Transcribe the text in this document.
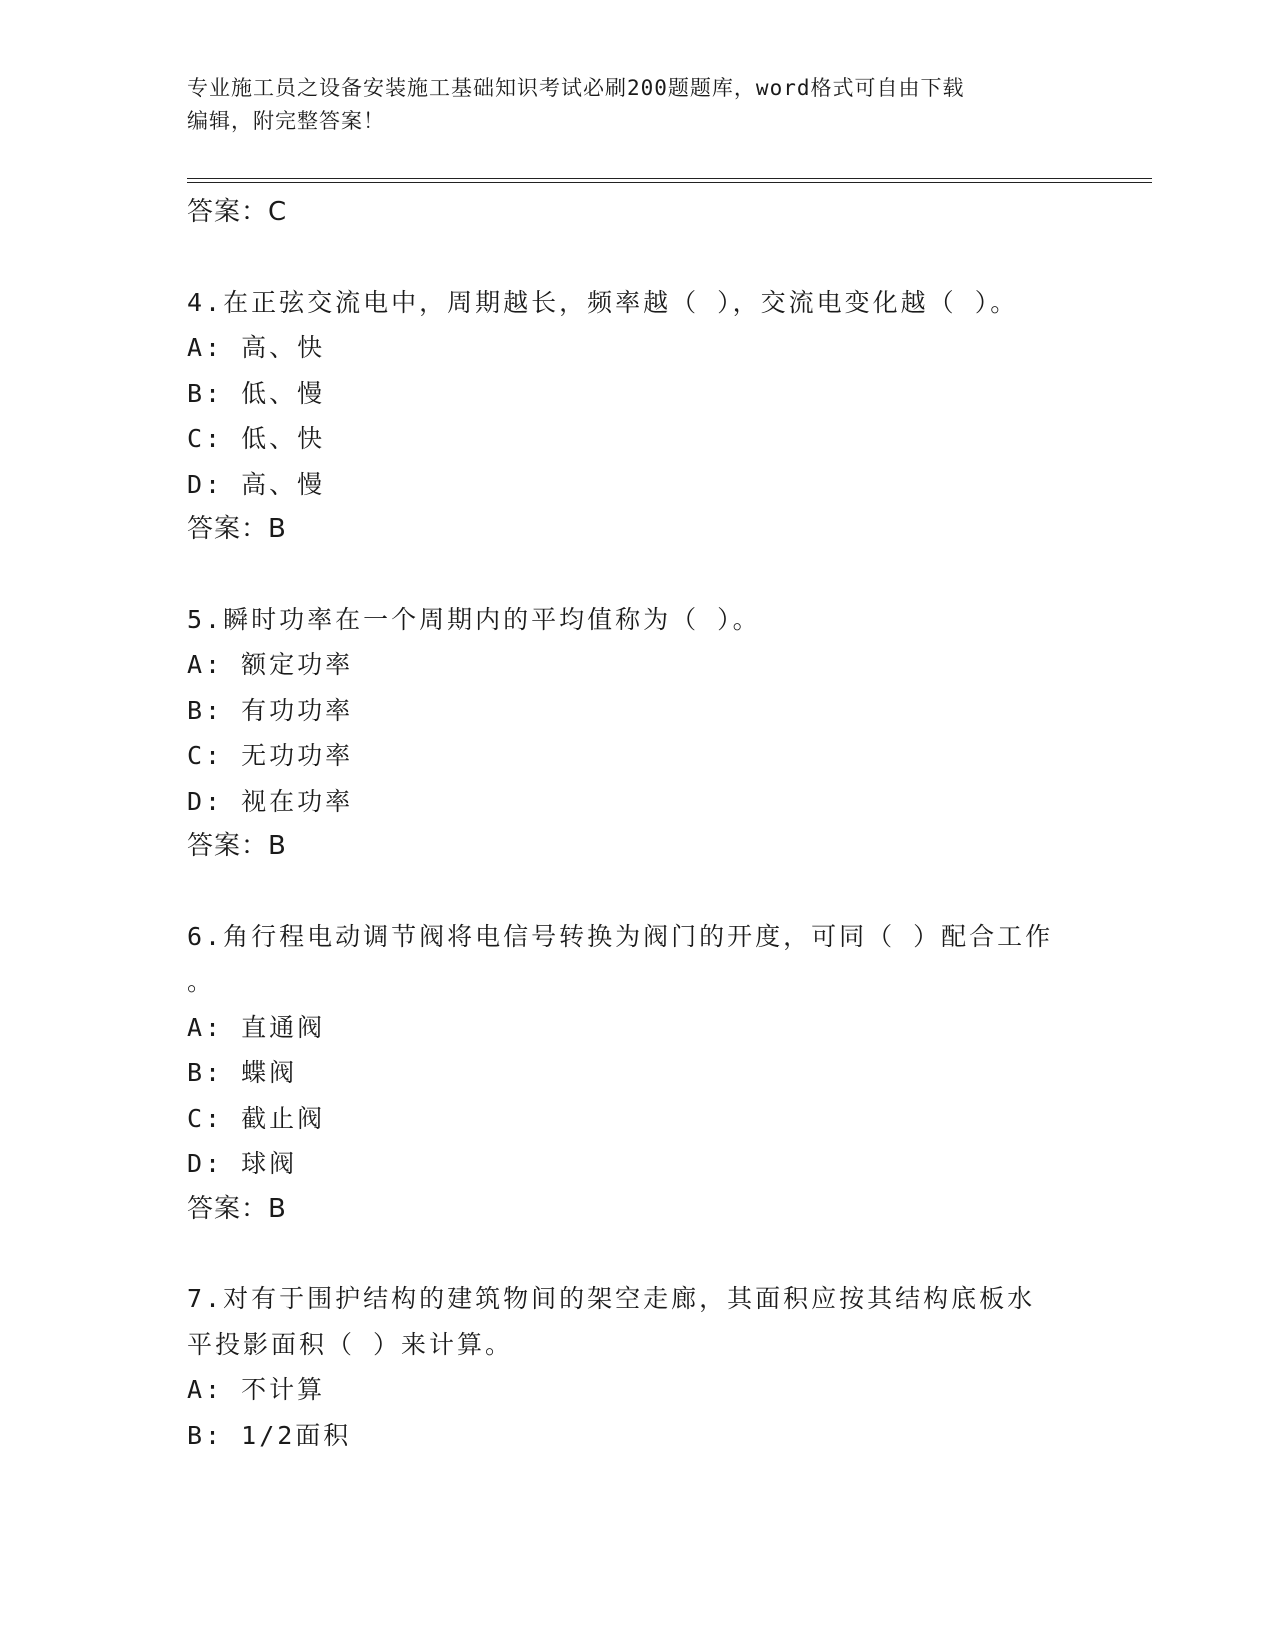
专业施工员之设备安装施工基础知识考试必刷200题题库，word格式可自由下载
编辑，附完整答案！
答案：C
4.在正弦交流电中，周期越长，频率越（ ），交流电变化越（ ）。
A: 高、快
B: 低、慢
C: 低、快
D: 高、慢
答案：B
5.瞬时功率在一个周期内的平均值称为（ ）。
A: 额定功率
B: 有功功率
C: 无功功率
D: 视在功率
答案：B
6.角行程电动调节阀将电信号转换为阀门的开度，可同（ ）配合工作
。
A: 直通阀
B: 蝶阀
C: 截止阀
D: 球阀
答案：B
7.对有于围护结构的建筑物间的架空走廊，其面积应按其结构底板水
平投影面积（ ）来计算。
A: 不计算
B: 1/2面积
